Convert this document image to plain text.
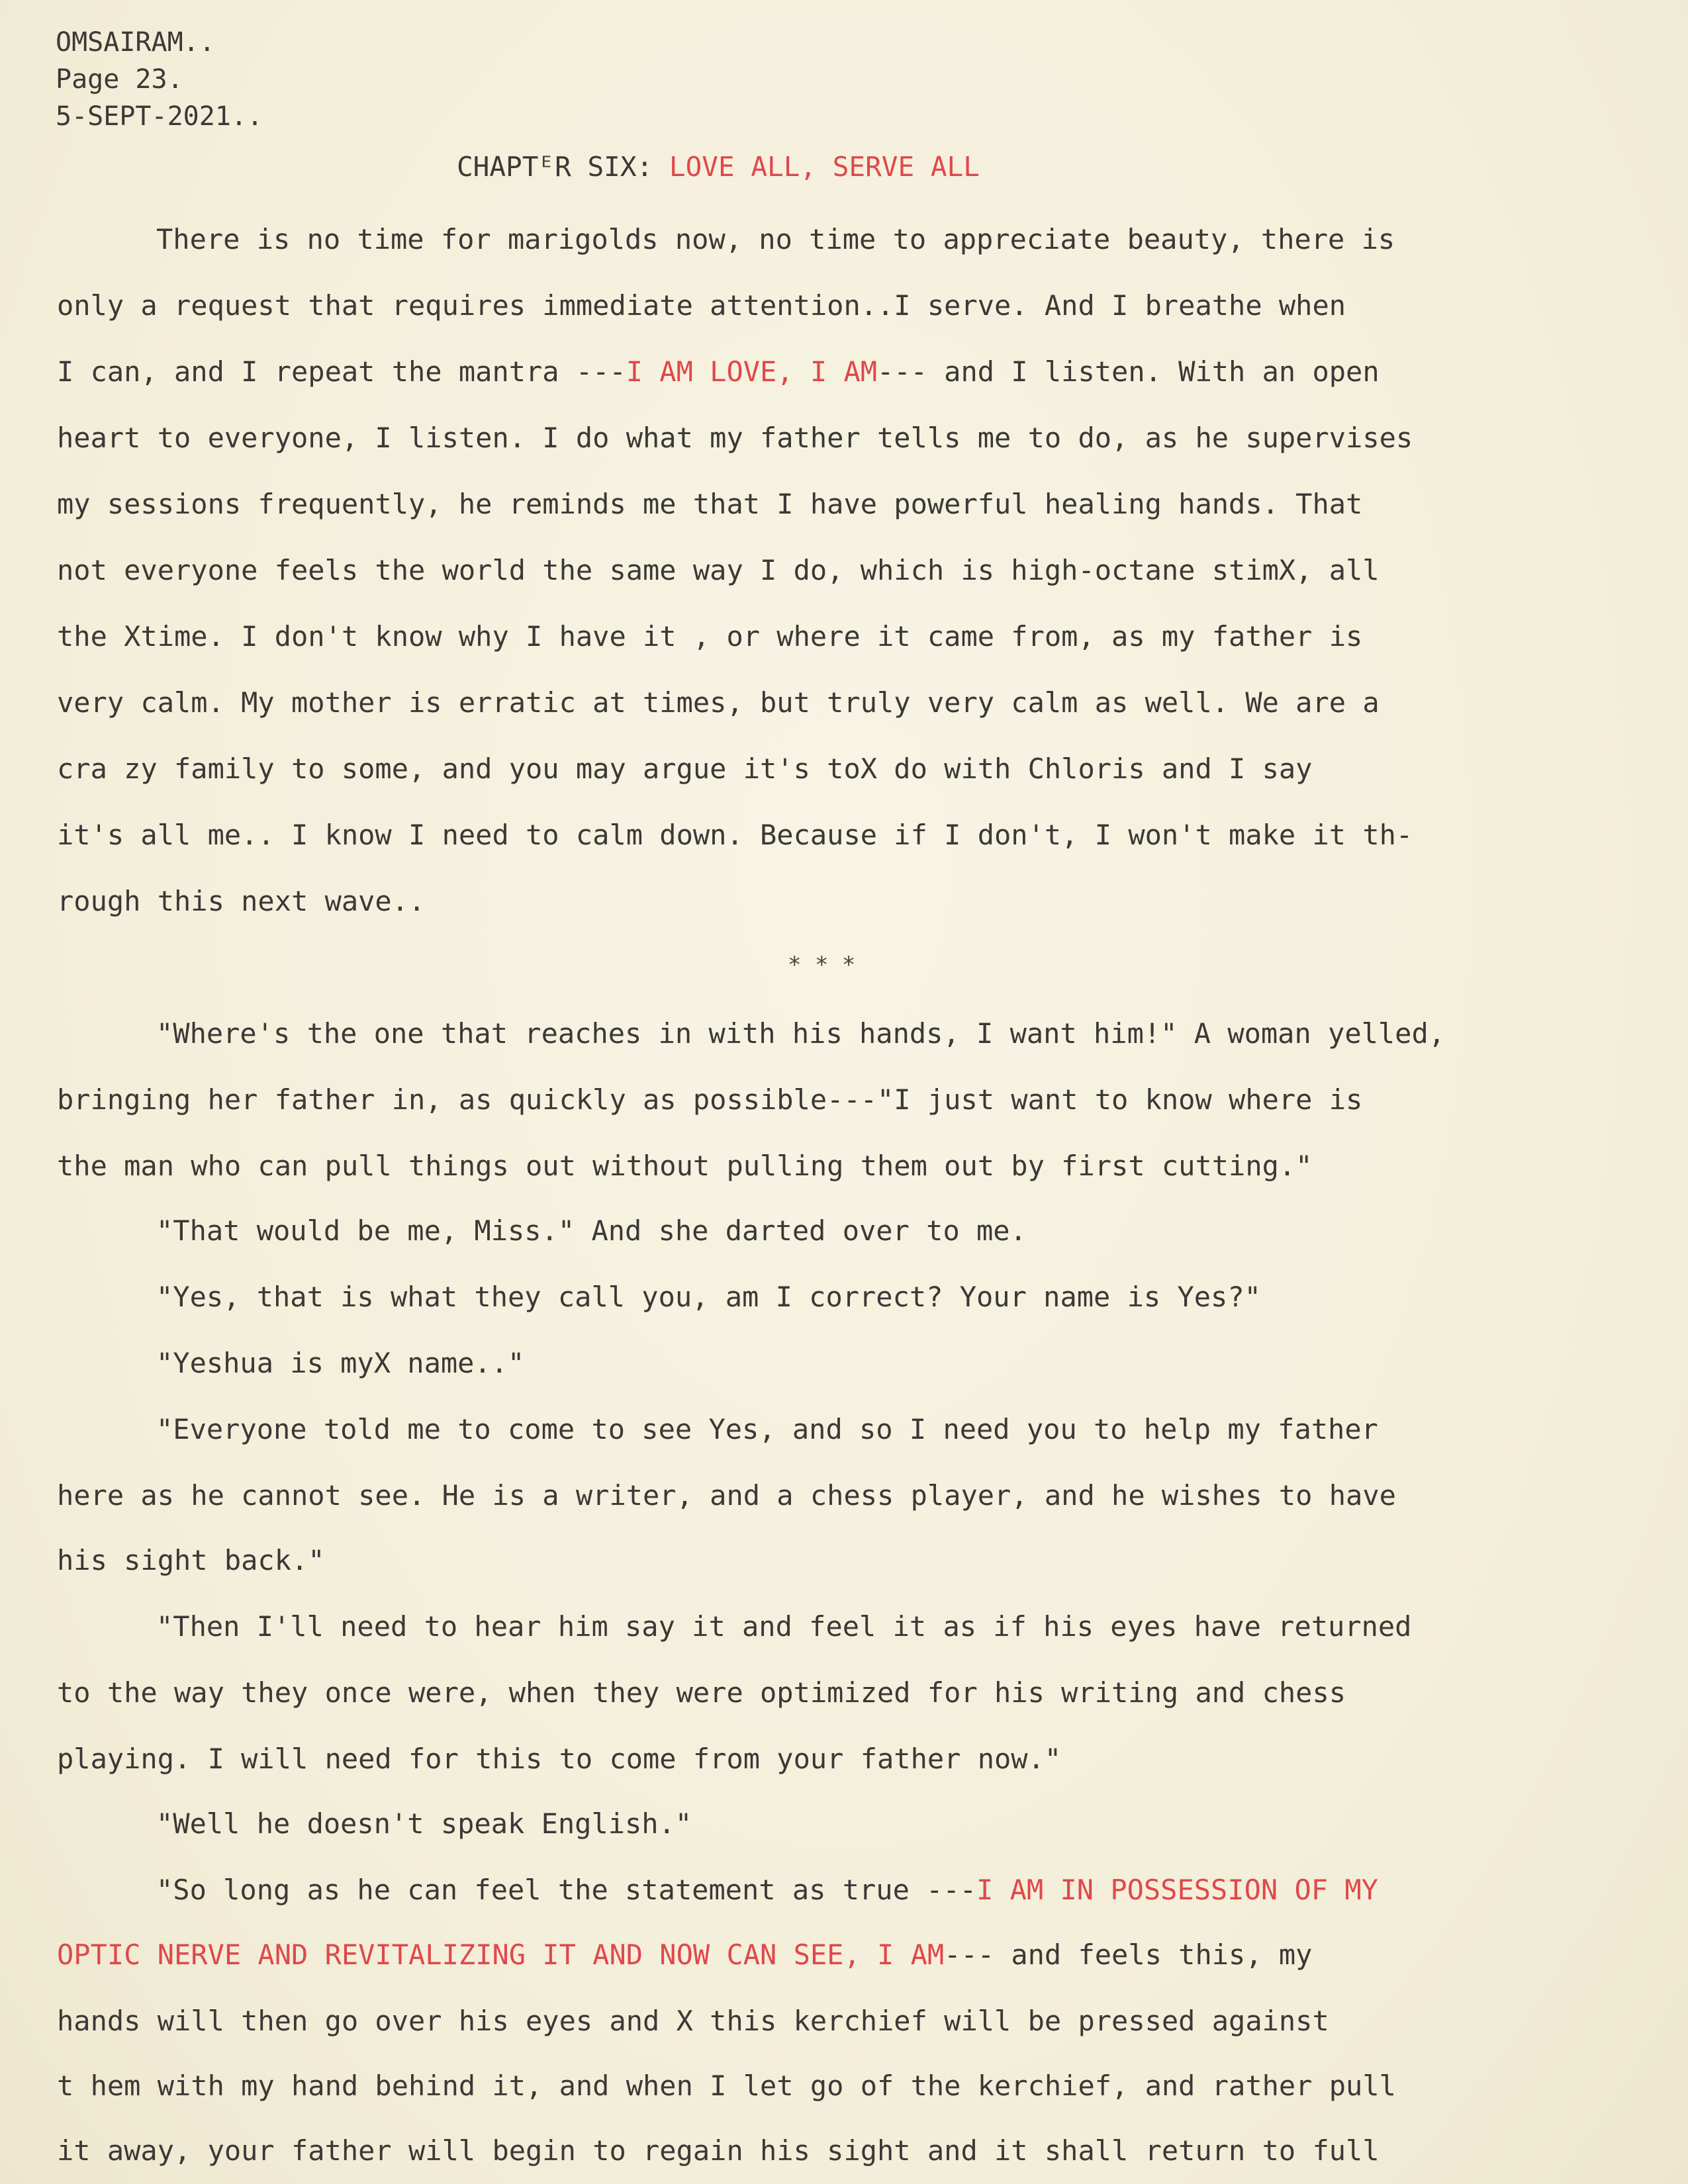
OMSAIRAM..
Page 23.
5-SEPT-2021..
CHAPTᴱR SIX: LOVE ALL, SERVE ALL
There is no time for marigolds now, no time to appreciate beauty, there is
only a request that requires immediate attention..I serve. And I breathe when
I can, and I repeat the mantra ---I AM LOVE, I AM--- and I listen. With an open
heart to everyone, I listen. I do what my father tells me to do, as he supervises
my sessions frequently, he reminds me that I have powerful healing hands. That
not everyone feels the world the same way I do, which is high-octane stimX, all
the Xtime. I don't know why I have it , or where it came from, as my father is
very calm. My mother is erratic at times, but truly very calm as well. We are a
cra zy family to some, and you may argue it's toX do with Chloris and I say
it's all me.. I know I need to calm down. Because if I don't, I won't make it th-
rough this next wave..
* * *
"Where's the one that reaches in with his hands, I want him!" A woman yelled,
bringing her father in, as quickly as possible---"I just want to know where is
the man who can pull things out without pulling them out by first cutting."
"That would be me, Miss." And she darted over to me.
"Yes, that is what they call you, am I correct? Your name is Yes?"
"Yeshua is myX name.."
"Everyone told me to come to see Yes, and so I need you to help my father
here as he cannot see. He is a writer, and a chess player, and he wishes to have
his sight back."
"Then I'll need to hear him say it and feel it as if his eyes have returned
to the way they once were, when they were optimized for his writing and chess
playing. I will need for this to come from your father now."
"Well he doesn't speak English."
"So long as he can feel the statement as true ---I AM IN POSSESSION OF MY
OPTIC NERVE AND REVITALIZING IT AND NOW CAN SEE, I AM--- and feels this, my
hands will then go over his eyes and X this kerchief will be pressed against
t hem with my hand behind it, and when I let go of the kerchief, and rather pull
it away, your father will begin to regain his sight and it shall return to full
